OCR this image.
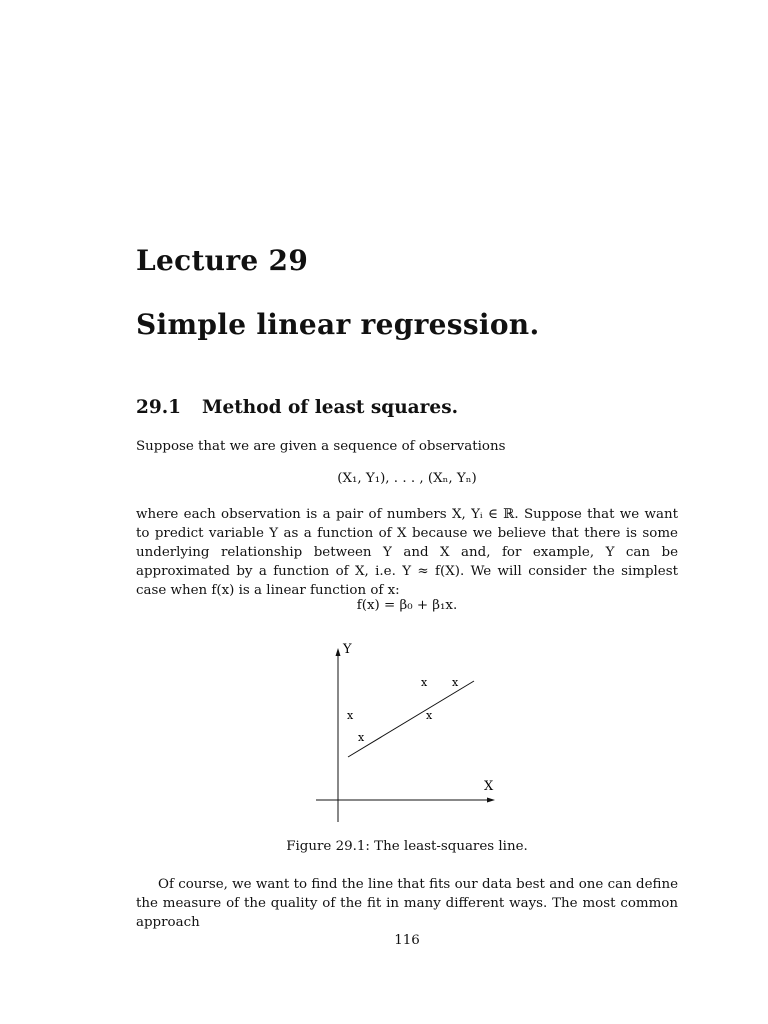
Lecture 29
Simple linear regression.
29.1 Method of least squares.
Suppose that we are given a sequence of observations
(X₁, Y₁), . . . , (Xₙ, Yₙ)
where each observation is a pair of numbers X, Yᵢ ∈ ℝ. Suppose that we want to predict variable Y as a function of X because we believe that there is some underlying relationship between Y and X and, for example, Y can be approximated by a function of X, i.e. Y ≈ f(X). We will consider the simplest case when f(x) is a linear function of x:
f(x) = β₀ + β₁x.
Y
X
x x
x	x
x
Figure 29.1: The least-squares line.
Of course, we want to find the line that fits our data best and one can define the measure of the quality of the fit in many different ways. The most common approach
116
